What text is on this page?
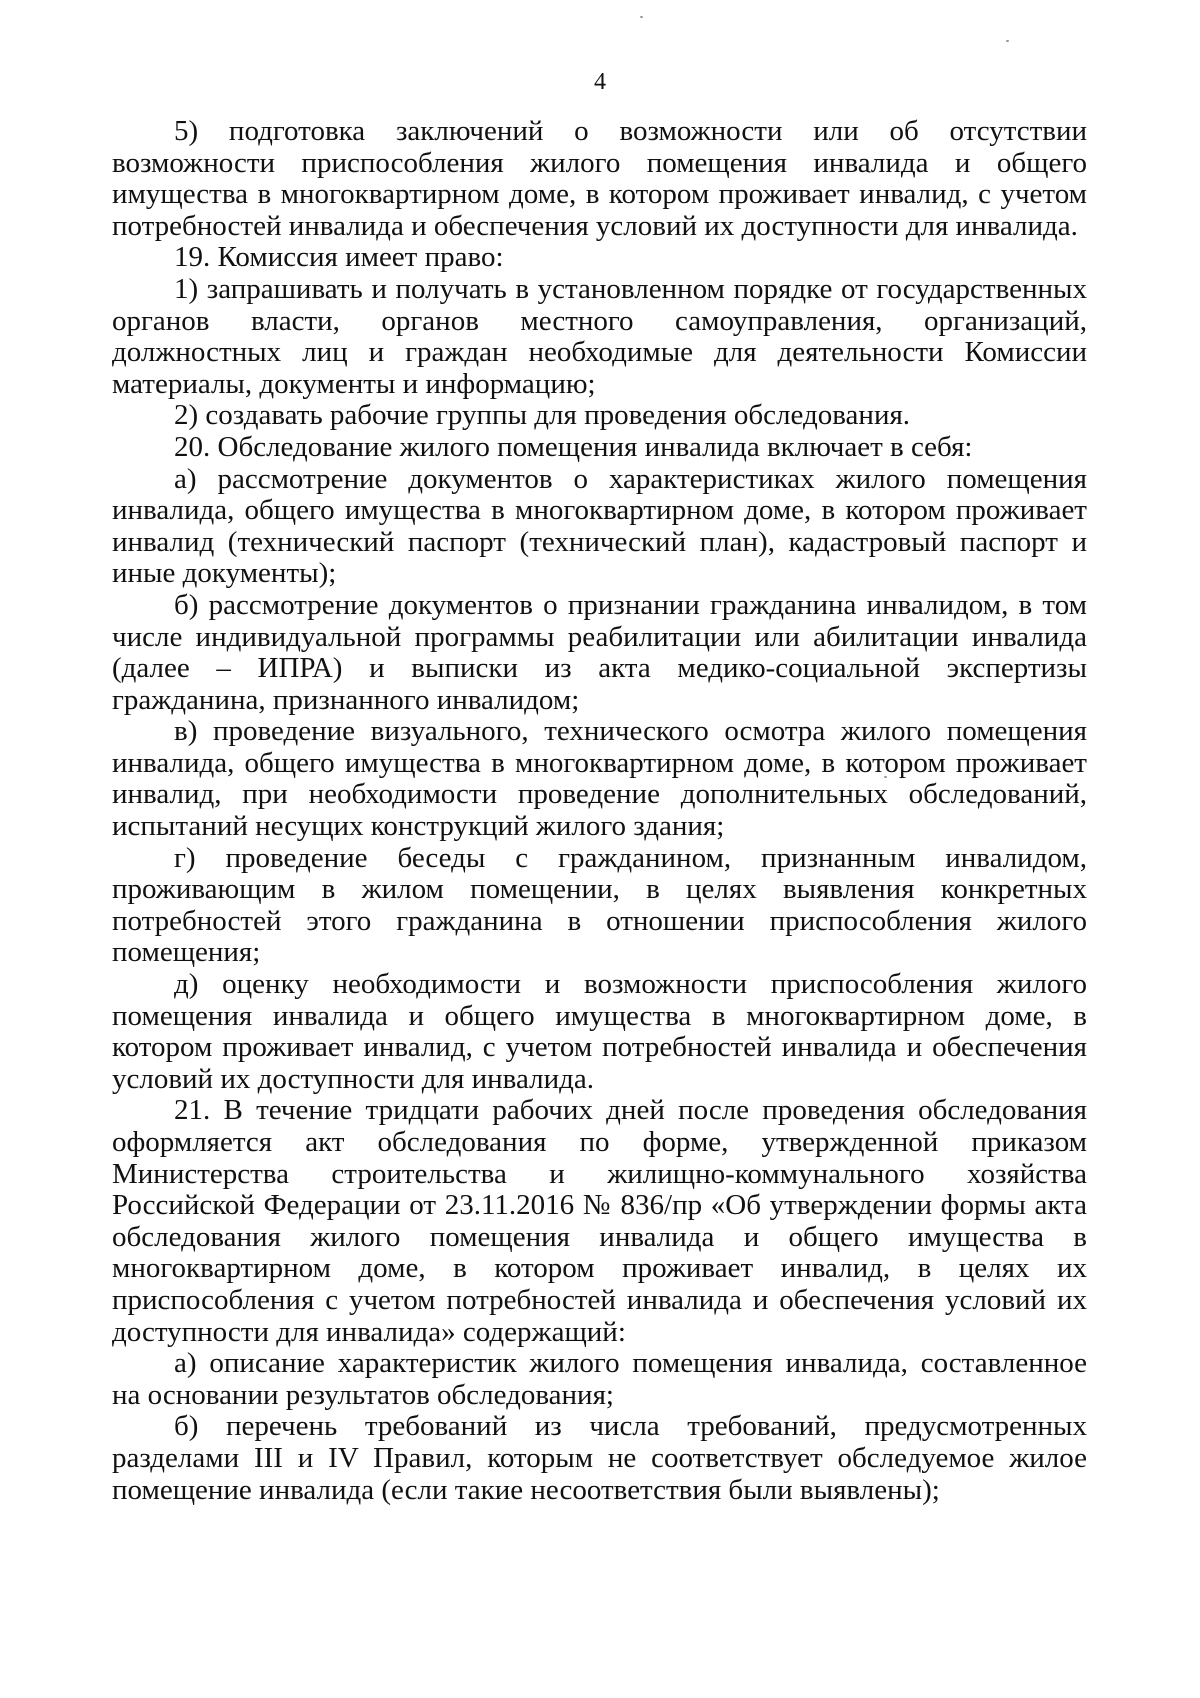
4

5) подготовка заключений о возможности или об отсутствии возможности приспособления жилого помещения инвалида и общего имущества в многоквартирном доме, в котором проживает инвалид, с учетом потребностей инвалида и обеспечения условий их доступности для инвалида.

19. Комиссия имеет право:

1) запрашивать и получать в установленном порядке от государственных органов власти, органов местного самоуправления, организаций, должностных лиц и граждан необходимые для деятельности Комиссии материалы, документы и информацию;

2) создавать рабочие группы для проведения обследования.

20. Обследование жилого помещения инвалида включает в себя:

а) рассмотрение документов о характеристиках жилого помещения инвалида, общего имущества в многоквартирном доме, в котором проживает инвалид (технический паспорт (технический план), кадастровый паспорт и иные документы);

б) рассмотрение документов о признании гражданина инвалидом, в том числе индивидуальной программы реабилитации или абилитации инвалида (далее – ИПРА) и выписки из акта медико-социальной экспертизы гражданина, признанного инвалидом;

в) проведение визуального, технического осмотра жилого помещения инвалида, общего имущества в многоквартирном доме, в котором проживает инвалид, при необходимости проведение дополнительных обследований, испытаний несущих конструкций жилого здания;

г) проведение беседы с гражданином, признанным инвалидом, проживающим в жилом помещении, в целях выявления конкретных потребностей этого гражданина в отношении приспособления жилого помещения;

д) оценку необходимости и возможности приспособления жилого помещения инвалида и общего имущества в многоквартирном доме, в котором проживает инвалид, с учетом потребностей инвалида и обеспечения условий их доступности для инвалида.

21. В течение тридцати рабочих дней после проведения обследования оформляется акт обследования по форме, утвержденной приказом Министерства строительства и жилищно-коммунального хозяйства Российской Федерации от 23.11.2016 № 836/пр «Об утверждении формы акта обследования жилого помещения инвалида и общего имущества в многоквартирном доме, в котором проживает инвалид, в целях их приспособления с учетом потребностей инвалида и обеспечения условий их доступности для инвалида» содержащий:

а) описание характеристик жилого помещения инвалида, составленное на основании результатов обследования;

б) перечень требований из числа требований, предусмотренных разделами III и IV Правил, которым не соответствует обследуемое жилое помещение инвалида (если такие несоответствия были выявлены);
